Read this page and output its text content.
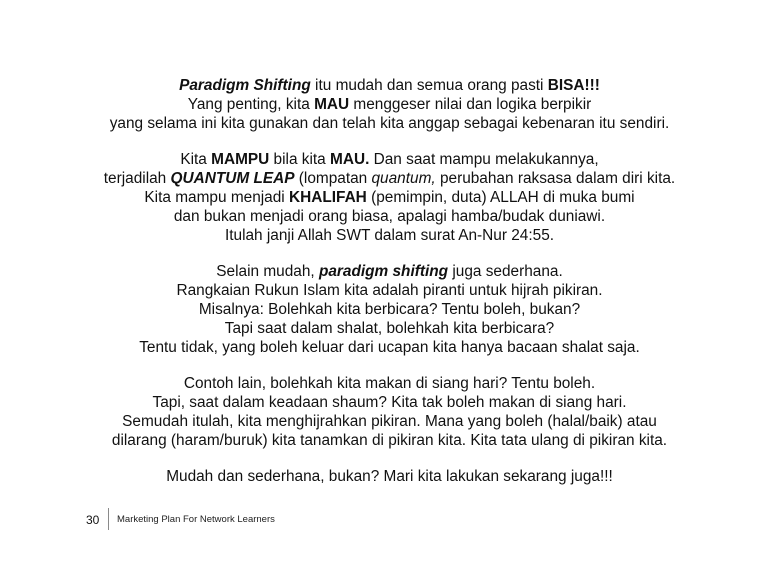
Paradigm Shifting itu mudah dan semua orang pasti BISA!!!
Yang penting, kita MAU menggeser nilai dan logika berpikir
yang selama ini kita gunakan dan telah kita anggap sebagai kebenaran itu sendiri.
Kita MAMPU bila kita MAU. Dan saat mampu melakukannya,
terjadilah QUANTUM LEAP (lompatan quantum, perubahan raksasa dalam diri kita.
Kita mampu menjadi KHALIFAH (pemimpin, duta) ALLAH di muka bumi
dan bukan menjadi orang biasa, apalagi hamba/budak duniawi.
Itulah janji Allah SWT dalam surat An-Nur 24:55.
Selain mudah, paradigm shifting juga sederhana.
Rangkaian Rukun Islam kita adalah piranti untuk hijrah pikiran.
Misalnya: Bolehkah kita berbicara? Tentu boleh, bukan?
Tapi saat dalam shalat, bolehkah kita berbicara?
Tentu tidak, yang boleh keluar dari ucapan kita hanya bacaan shalat saja.
Contoh lain, bolehkah kita makan di siang hari? Tentu boleh.
Tapi, saat dalam keadaan shaum? Kita tak boleh makan di siang hari.
Semudah itulah, kita menghijrahkan pikiran. Mana yang boleh (halal/baik) atau
dilarang (haram/buruk) kita tanamkan di pikiran kita. Kita tata ulang di pikiran kita.
Mudah dan sederhana, bukan? Mari kita lakukan sekarang juga!!!
30 Marketing Plan For Network Learners
